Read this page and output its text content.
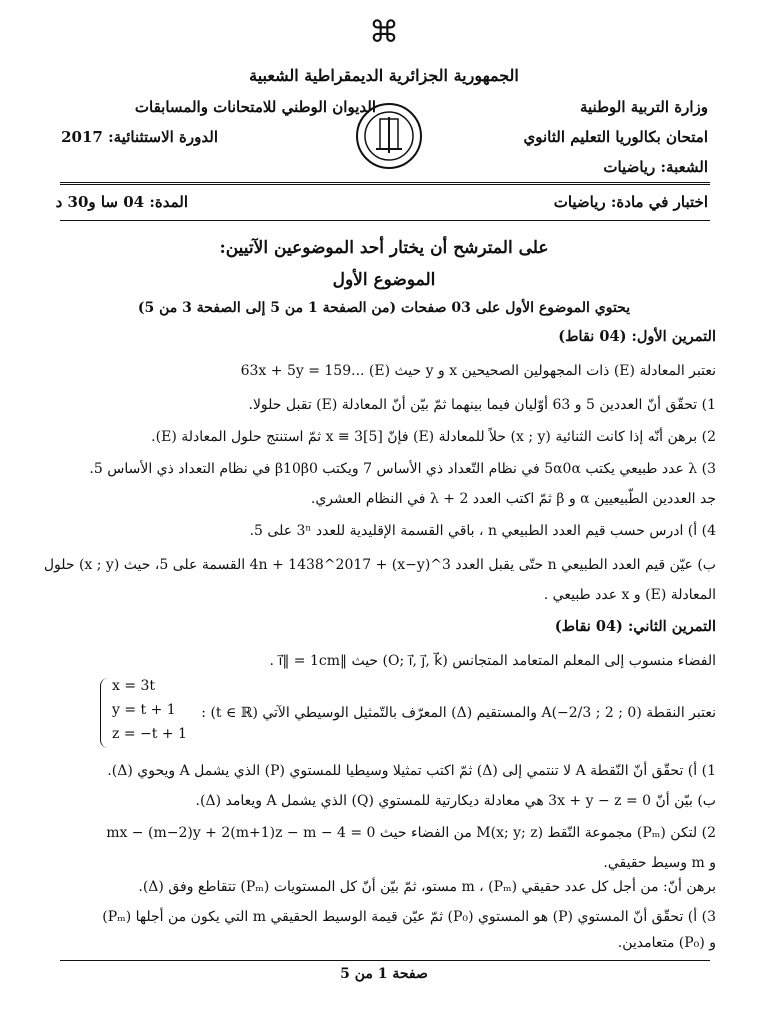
⌘
الجمهورية الجزائرية الديمقراطية الشعبية
وزارة التربية الوطنية
الديوان الوطني للامتحانات والمسابقات
امتحان بكالوريا التعليم الثانوي
الدورة الاستثنائية: 2017
الشعبة: رياضيات
اختبار في مادة: رياضيات
المدة: 04 سا و30 د
على المترشح أن يختار أحد الموضوعين الآتيين:
الموضوع الأول
يحتوي الموضوع الأول على 03 صفحات (من الصفحة 1 من 5 إلى الصفحة 3 من 5)
التمرين الأول: (04 نقاط)
نعتبر المعادلة (E) ذات المجهولين الصحيحين x و y حيث (E) ...63x + 5y = 159
1) تحقّق أنّ العددين 5 و 63 أوّليان فيما بينهما ثمّ بيّن أنّ المعادلة (E) تقبل حلولا.
2) برهن أنّه إذا كانت الثنائية (x ; y) حلاً للمعادلة (E) فإنّ x ≡ 3[5] ثمّ استنتج حلول المعادلة (E).
3) λ عدد طبيعي يكتب 5α0α في نظام التّعداد ذي الأساس 7 ويكتب β10β0 في نظام التعداد ذي الأساس 5.
جد العددين الطّبيعيين α و β ثمّ اكتب العدد λ + 2 في النظام العشري.
4) أ) ادرس حسب قيم العدد الطبيعي n ، باقي القسمة الإقليدية للعدد 3ⁿ على 5.
ب) عيّن قيم العدد الطبيعي n حتّى يقبل العدد 3^(x−y) + 4n + 1438^2017 القسمة على 5، حيث (x ; y) حلول
المعادلة (E) و x عدد طبيعي .
التمرين الثاني: (04 نقاط)
الفضاء منسوب إلى المعلم المتعامد المتجانس (O; i⃗, j⃗, k⃗) حيث ‖i⃗‖ = 1cm .
نعتبر النقطة A(−2/3 ; 2 ; 0) والمستقيم (Δ) المعرّف بالتّمثيل الوسيطي الآتي (t ∈ ℝ) :
x = 3t
y = t + 1
z = −t + 1
1) أ) تحقّق أنّ النّقطة A لا تنتمي إلى (Δ) ثمّ اكتب تمثيلا وسيطيا للمستوي (P) الذي يشمل A ويحوي (Δ).
ب) بيّن أنّ 3x + y − z = 0 هي معادلة ديكارتية للمستوي (Q) الذي يشمل A ويعامد (Δ).
2) لتكن (Pₘ) مجموعة النّقط M(x; y; z) من الفضاء حيث mx − (m−2)y + 2(m+1)z − m − 4 = 0
و m وسيط حقيقي.
برهن أنّ: من أجل كل عدد حقيقي m ، (Pₘ) مستو، ثمّ بيّن أنّ كل المستويات (Pₘ) تتقاطع وفق (Δ).
3) أ) تحقّق أنّ المستوي (P) هو المستوي (P₀) ثمّ عيّن قيمة الوسيط الحقيقي m التي يكون من أجلها (Pₘ)
و (P₀) متعامدين.
صفحة 1 من 5
